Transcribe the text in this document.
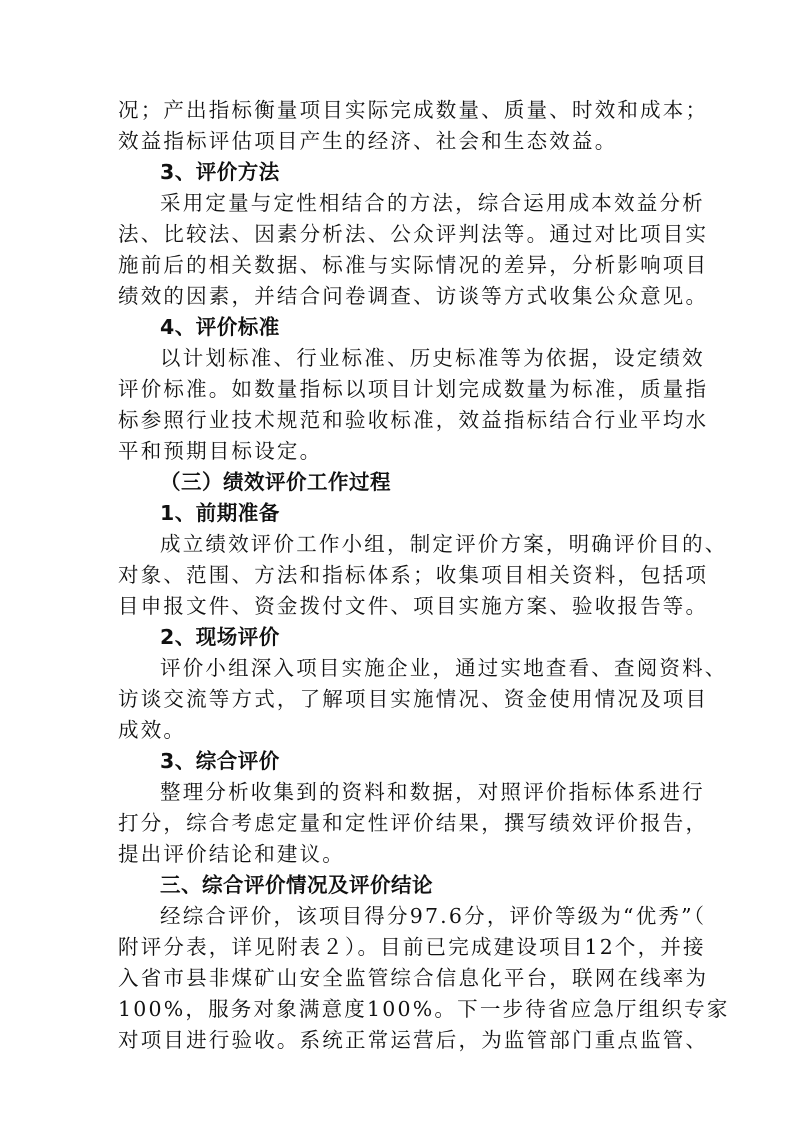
况；产出指标衡量项目实际完成数量、质量、时效和成本；
效益指标评估项目产生的经济、社会和生态效益。
3、评价方法
采用定量与定性相结合的方法，综合运用成本效益分析
法、比较法、因素分析法、公众评判法等。通过对比项目实
施前后的相关数据、标准与实际情况的差异，分析影响项目
绩效的因素，并结合问卷调查、访谈等方式收集公众意见。
4、评价标准
以计划标准、行业标准、历史标准等为依据，设定绩效
评价标准。如数量指标以项目计划完成数量为标准，质量指
标参照行业技术规范和验收标准，效益指标结合行业平均水
平和预期目标设定。
（三）绩效评价工作过程
1、前期准备
成立绩效评价工作小组，制定评价方案，明确评价目的、
对象、范围、方法和指标体系；收集项目相关资料，包括项
目申报文件、资金拨付文件、项目实施方案、验收报告等。
2、现场评价
评价小组深入项目实施企业，通过实地查看、查阅资料、
访谈交流等方式，了解项目实施情况、资金使用情况及项目
成效。
3、综合评价
整理分析收集到的资料和数据，对照评价指标体系进行
打分，综合考虑定量和定性评价结果，撰写绩效评价报告，
提出评价结论和建议。
三、综合评价情况及评价结论
经综合评价，该项目得分97.6分，评价等级为“优秀”（
附评分表，详见附表２）。目前已完成建设项目12个，并接
入省市县非煤矿山安全监管综合信息化平台，联网在线率为
100%，服务对象满意度100%。下一步待省应急厅组织专家
对项目进行验收。系统正常运营后，为监管部门重点监管、
